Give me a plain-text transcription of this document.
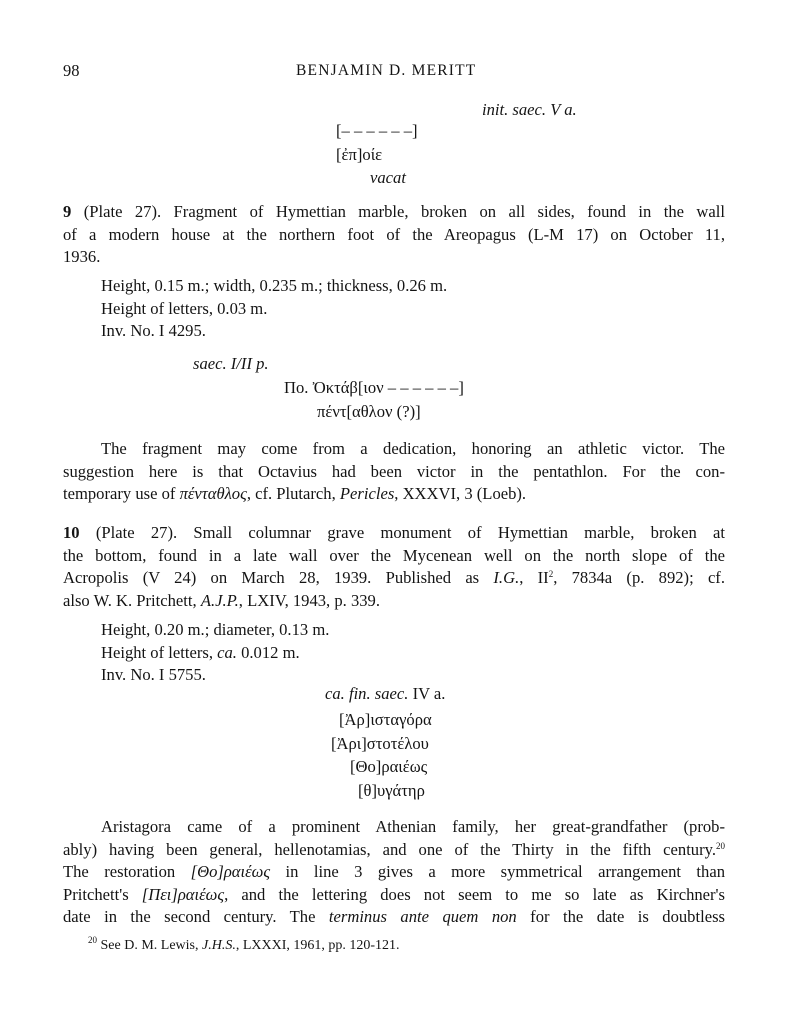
98	BENJAMIN D. MERITT
init. saec. V a.
[– – – – – –]
[ἐπ]οίε
vacat
9 (Plate 27). Fragment of Hymettian marble, broken on all sides, found in the wall
of a modern house at the northern foot of the Areopagus (L-M 17) on October 11,
1936.
Height, 0.15 m.; width, 0.235 m.; thickness, 0.26 m.
Height of letters, 0.03 m.
Inv. No. I 4295.
saec. I/II p.
Πο. Ὀκτάβ[ιον – – – – – –]
πέντ[αθλον (?)]
The fragment may come from a dedication, honoring an athletic victor. The
suggestion here is that Octavius had been victor in the pentathlon. For the con-
temporary use of πένταθλος, cf. Plutarch, Pericles, XXXVI, 3 (Loeb).
10 (Plate 27). Small columnar grave monument of Hymettian marble, broken at
the bottom, found in a late wall over the Mycenean well on the north slope of the
Acropolis (V 24) on March 28, 1939. Published as I.G., $II^2$, 7834a (p. 892); cf.
also W. K. Pritchett, A.J.P., LXIV, 1943, p. 339.
Height, 0.20 m.; diameter, 0.13 m.
Height of letters, ca. 0.012 m.
Inv. No. I 5755.
ca. fin. saec. IV a.
[Ἀρ]ισταγόρα
[Ἀρι]στοτέλου
[Θο]ραιέως
[θ]υγάτηρ
Aristagora came of a prominent Athenian family, her great-grandfather (prob-
ably) having been general, hellenotamias, and one of the Thirty in the fifth century.$^{20}$
The restoration [Θο]ραιέως in line 3 gives a more symmetrical arrangement than
Pritchett's [Πει]ραιέως, and the lettering does not seem to me so late as Kirchner's
date in the second century. The terminus ante quem non for the date is doubtless
$^{20}$ See D. M. Lewis, J.H.S., LXXXI, 1961, pp. 120-121.
